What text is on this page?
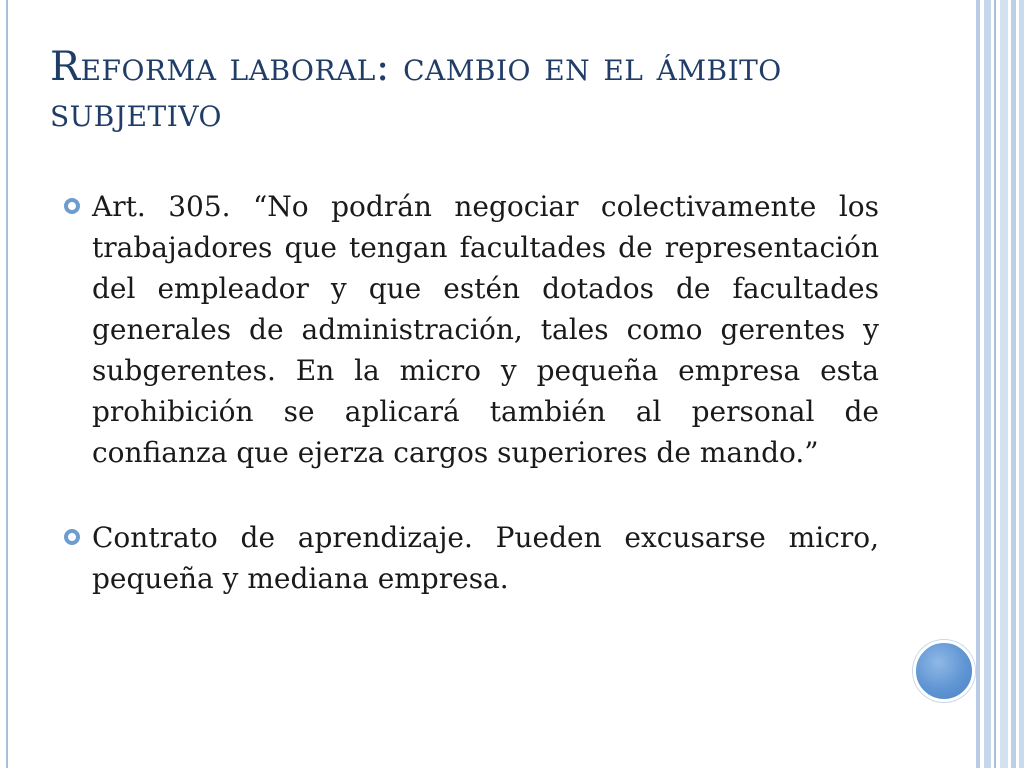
Reforma laboral: cambio en el ámbito subjetivo

Art. 305. “No podrán negociar colectivamente los trabajadores que tengan facultades de representación del empleador y que estén dotados de facultades generales de administración, tales como gerentes y subgerentes. En la micro y pequeña empresa esta prohibición se aplicará también al personal de confianza que ejerza cargos superiores de mando.”

Contrato de aprendizaje. Pueden excusarse micro, pequeña y mediana empresa.
